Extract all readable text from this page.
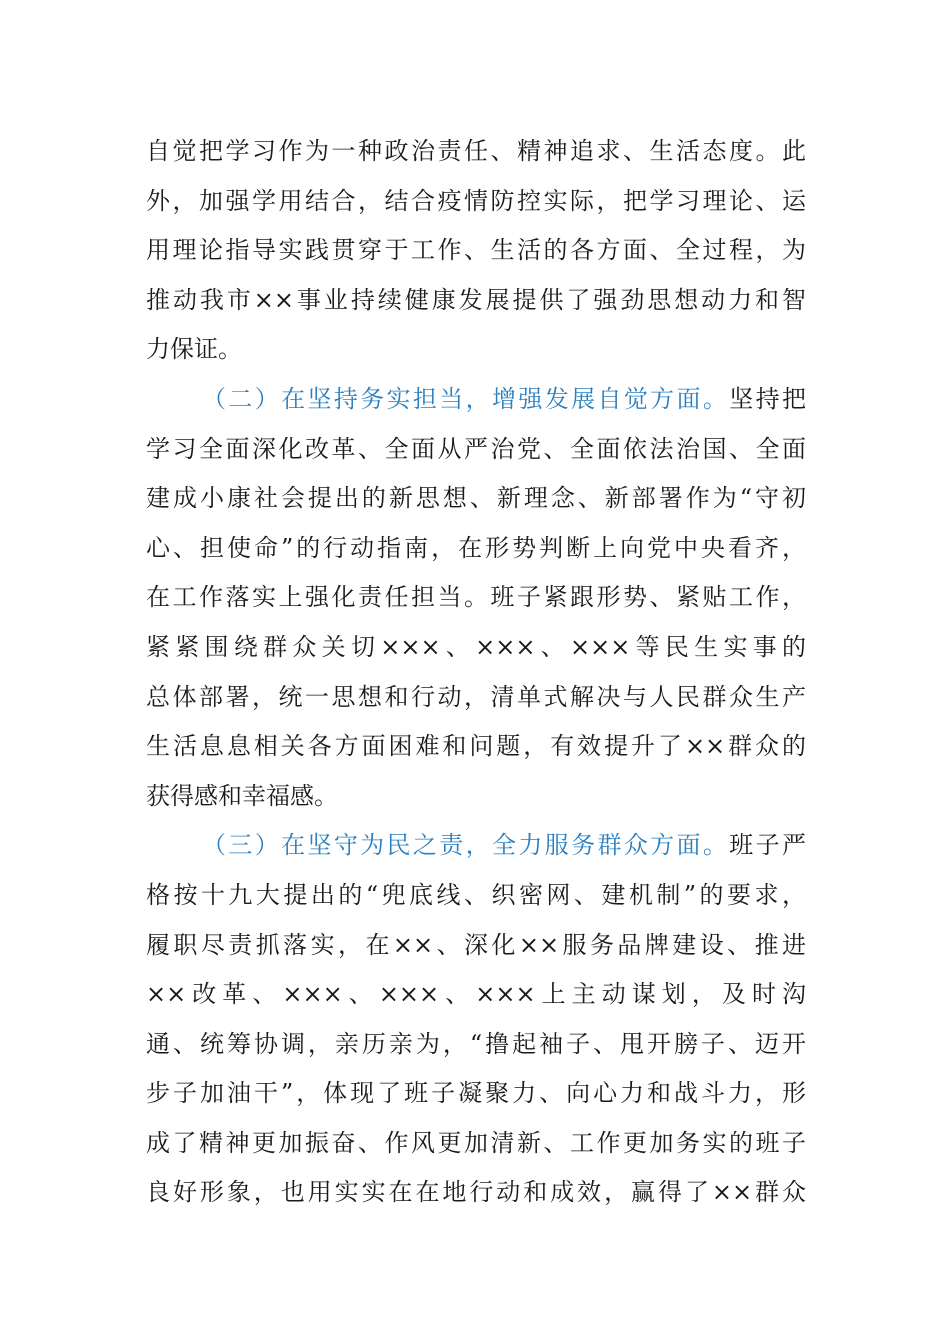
自觉把学习作为一种政治责任、精神追求、生活态度。此
外，加强学用结合，结合疫情防控实际，把学习理论、运
用理论指导实践贯穿于工作、生活的各方面、全过程，为
推动我市××事业持续健康发展提供了强劲思想动力和智
力保证。
（二）在坚持务实担当，增强发展自觉方面。坚持把
学习全面深化改革、全面从严治党、全面依法治国、全面
建成小康社会提出的新思想、新理念、新部署作为“守初
心、担使命”的行动指南，在形势判断上向党中央看齐，
在工作落实上强化责任担当。班子紧跟形势、紧贴工作，
紧紧围绕群众关切×××、×××、×××等民生实事的
总体部署，统一思想和行动，清单式解决与人民群众生产
生活息息相关各方面困难和问题，有效提升了××群众的
获得感和幸福感。
（三）在坚守为民之责，全力服务群众方面。班子严
格按十九大提出的“兜底线、织密网、建机制”的要求，
履职尽责抓落实，在××、深化××服务品牌建设、推进
××改革、×××、×××、×××上主动谋划，及时沟
通、统筹协调，亲历亲为，“撸起袖子、甩开膀子、迈开
步子加油干”，体现了班子凝聚力、向心力和战斗力，形
成了精神更加振奋、作风更加清新、工作更加务实的班子
良好形象，也用实实在在地行动和成效，赢得了××群众
